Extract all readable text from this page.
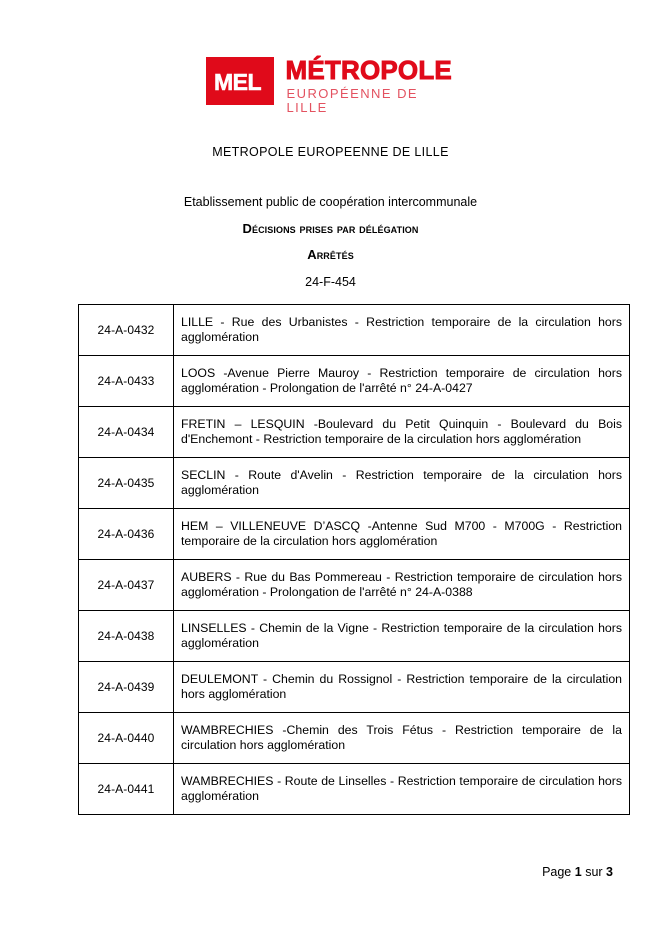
MEL MÉTROPOLE
EUROPÉENNE DE LILLE
METROPOLE EUROPEENNE DE LILLE
Etablissement public de coopération intercommunale
Décisions prises par délégation
Arrêtés
24-F-454
24-A-0432	LILLE - Rue des Urbanistes - Restriction temporaire de la circulation hors agglomération

24-A-0433	LOOS -Avenue Pierre Mauroy - Restriction temporaire de circulation hors agglomération - Prolongation de l'arrêté n° 24-A-0427

24-A-0434	FRETIN – LESQUIN -Boulevard du Petit Quinquin - Boulevard du Bois d'Enchemont - Restriction temporaire de la circulation hors agglomération

24-A-0435	SECLIN - Route d'Avelin - Restriction temporaire de la circulation hors agglomération

24-A-0436	HEM – VILLENEUVE D’ASCQ -Antenne Sud M700 - M700G - Restriction temporaire de la circulation hors agglomération

24-A-0437	AUBERS - Rue du Bas Pommereau - Restriction temporaire de circulation hors agglomération - Prolongation de l'arrêté n° 24-A-0388

24-A-0438	LINSELLES - Chemin de la Vigne - Restriction temporaire de la circulation hors agglomération

24-A-0439	DEULEMONT - Chemin du Rossignol - Restriction temporaire de la circulation hors agglomération

24-A-0440	WAMBRECHIES -Chemin des Trois Fétus - Restriction temporaire de la circulation hors agglomération

24-A-0441	WAMBRECHIES - Route de Linselles - Restriction temporaire de circulation hors agglomération
Page 1 sur 3
